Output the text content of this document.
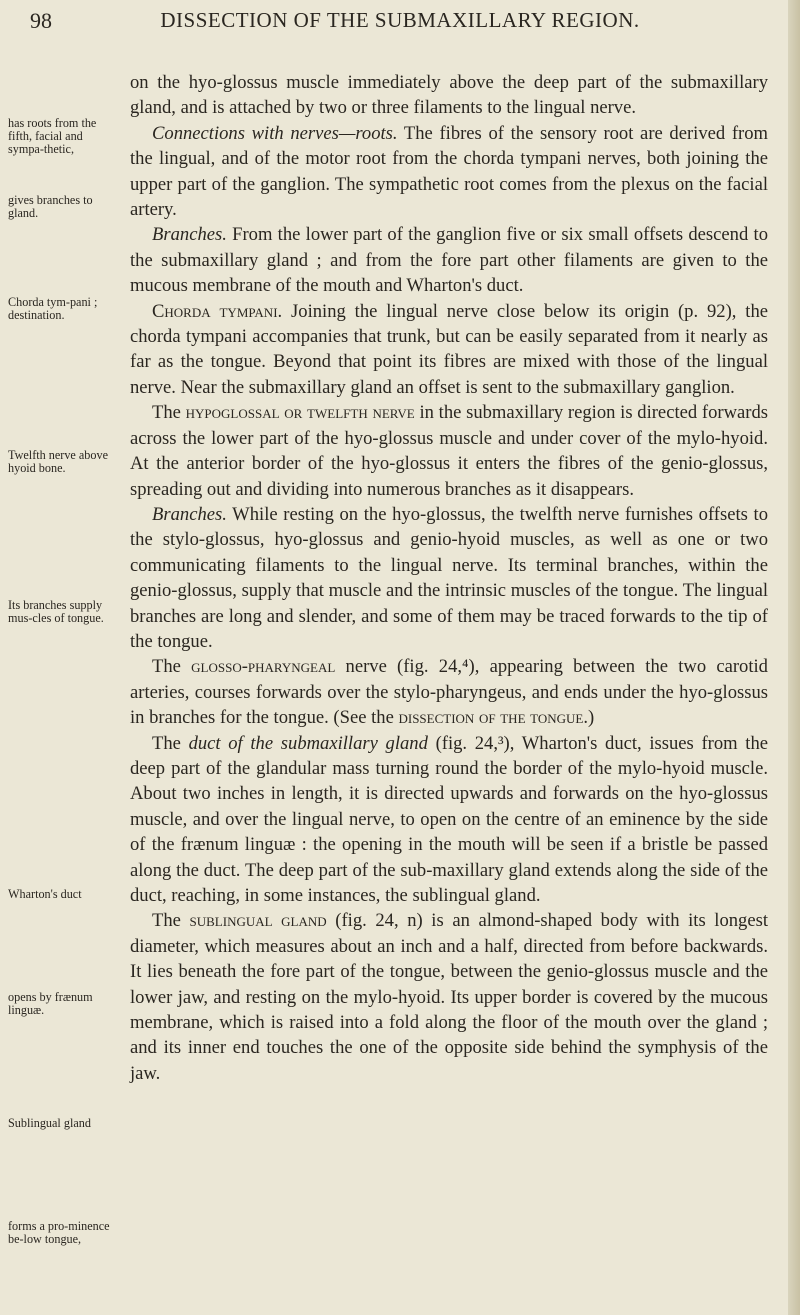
98	DISSECTION OF THE SUBMAXILLARY REGION.
has roots from the fifth, facial and sympa-thetic,
gives branches to gland.
Chorda tym-pani ; destination.
Twelfth nerve above hyoid bone.
Its branches supply mus-cles of tongue.
Wharton's duct
opens by frænum linguæ.
Sublingual gland
forms a pro-minence be-low tongue,

on the hyo-glossus muscle immediately above the deep part of the submaxillary gland, and is attached by two or three filaments to the lingual nerve.

Connections with nerves—roots. The fibres of the sensory root are derived from the lingual, and of the motor root from the chorda tympani nerves, both joining the upper part of the ganglion. The sympathetic root comes from the plexus on the facial artery.

Branches. From the lower part of the ganglion five or six small offsets descend to the submaxillary gland ; and from the fore part other filaments are given to the mucous membrane of the mouth and Wharton's duct.

Chorda tympani. Joining the lingual nerve close below its origin (p. 92), the chorda tympani accompanies that trunk, but can be easily separated from it nearly as far as the tongue. Beyond that point its fibres are mixed with those of the lingual nerve. Near the submaxillary gland an offset is sent to the submaxillary ganglion.

The hypoglossal or twelfth nerve in the submaxillary region is directed forwards across the lower part of the hyo-glossus muscle and under cover of the mylo-hyoid. At the anterior border of the hyo-glossus it enters the fibres of the genio-glossus, spreading out and dividing into numerous branches as it disappears.

Branches. While resting on the hyo-glossus, the twelfth nerve furnishes offsets to the stylo-glossus, hyo-glossus and genio-hyoid muscles, as well as one or two communicating filaments to the lingual nerve. Its terminal branches, within the genio-glossus, supply that muscle and the intrinsic muscles of the tongue. The lingual branches are long and slender, and some of them may be traced forwards to the tip of the tongue.

The glosso-pharyngeal nerve (fig. 24,⁴), appearing between the two carotid arteries, courses forwards over the stylo-pharyngeus, and ends under the hyo-glossus in branches for the tongue. (See the dissection of the tongue.)

The duct of the submaxillary gland (fig. 24,³), Wharton's duct, issues from the deep part of the glandular mass turning round the border of the mylo-hyoid muscle. About two inches in length, it is directed upwards and forwards on the hyo-glossus muscle, and over the lingual nerve, to open on the centre of an eminence by the side of the frænum linguæ : the opening in the mouth will be seen if a bristle be passed along the duct. The deep part of the sub-maxillary gland extends along the side of the duct, reaching, in some instances, the sublingual gland.

The sublingual gland (fig. 24, n) is an almond-shaped body with its longest diameter, which measures about an inch and a half, directed from before backwards. It lies beneath the fore part of the tongue, between the genio-glossus muscle and the lower jaw, and resting on the mylo-hyoid. Its upper border is covered by the mucous membrane, which is raised into a fold along the floor of the mouth over the gland ; and its inner end touches the one of the opposite side behind the symphysis of the jaw.
